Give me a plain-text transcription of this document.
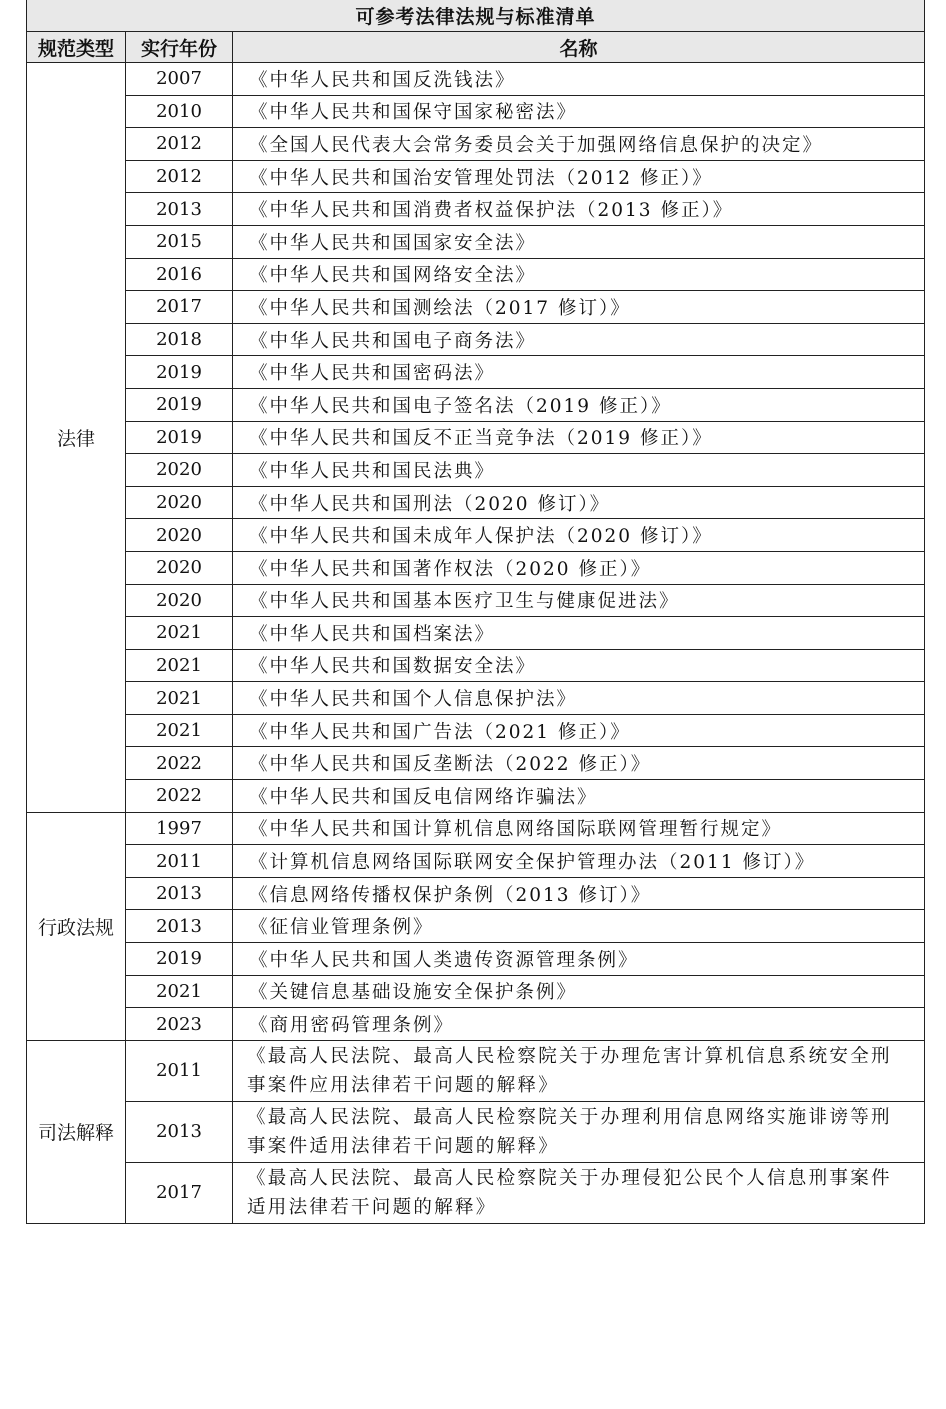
可参考法律法规与标准清单		
规范类型	实行年份	名称
法律	2007	《中华人民共和国反洗钱法》
	2010	《中华人民共和国保守国家秘密法》
	2012	《全国人民代表大会常务委员会关于加强网络信息保护的决定》
	2012	《中华人民共和国治安管理处罚法（2012 修正）》
	2013	《中华人民共和国消费者权益保护法（2013 修正）》
	2015	《中华人民共和国国家安全法》
	2016	《中华人民共和国网络安全法》
	2017	《中华人民共和国测绘法（2017 修订）》
	2018	《中华人民共和国电子商务法》
	2019	《中华人民共和国密码法》
	2019	《中华人民共和国电子签名法（2019 修正）》
	2019	《中华人民共和国反不正当竞争法（2019 修正）》
	2020	《中华人民共和国民法典》
	2020	《中华人民共和国刑法（2020 修订）》
	2020	《中华人民共和国未成年人保护法（2020 修订）》
	2020	《中华人民共和国著作权法（2020 修正）》
	2020	《中华人民共和国基本医疗卫生与健康促进法》
	2021	《中华人民共和国档案法》
	2021	《中华人民共和国数据安全法》
	2021	《中华人民共和国个人信息保护法》
	2021	《中华人民共和国广告法（2021 修正）》
	2022	《中华人民共和国反垄断法（2022 修正）》
	2022	《中华人民共和国反电信网络诈骗法》
行政法规	1997	《中华人民共和国计算机信息网络国际联网管理暂行规定》
	2011	《计算机信息网络国际联网安全保护管理办法（2011 修订）》
	2013	《信息网络传播权保护条例（2013 修订）》
	2013	《征信业管理条例》
	2019	《中华人民共和国人类遗传资源管理条例》
	2021	《关键信息基础设施安全保护条例》
	2023	《商用密码管理条例》
司法解释	2011	《最高人民法院、最高人民检察院关于办理危害计算机信息系统安全刑事案件应用法律若干问题的解释》
	2013	《最高人民法院、最高人民检察院关于办理利用信息网络实施诽谤等刑事案件适用法律若干问题的解释》
	2017	《最高人民法院、最高人民检察院关于办理侵犯公民个人信息刑事案件适用法律若干问题的解释》
